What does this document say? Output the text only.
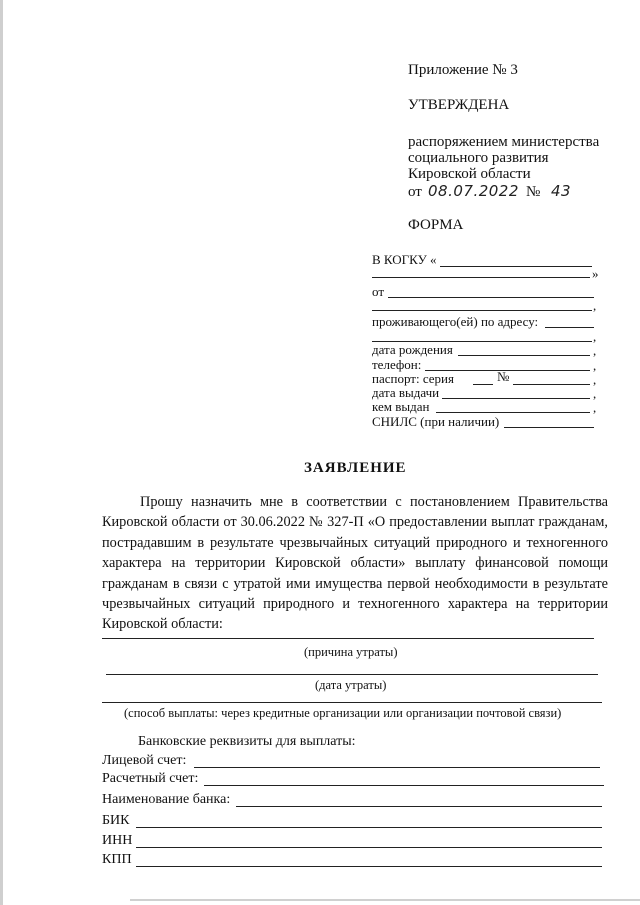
Приложение № 3
УТВЕРЖДЕНА
распоряжением министерства
социального развития
Кировской области
от 08.07.2022 № 43
ФОРМА
В КОГКУ «
»
от
,
проживающего(ей) по адресу:
,
дата рождения	,
телефон:	,
паспорт: серия	№	,
дата выдачи	,
кем выдан	,
СНИЛС (при наличии)
ЗАЯВЛЕНИЕ
Прошу назначить мне в соответствии с постановлением Правительства Кировской области от 30.06.2022 № 327-П «О предоставлении выплат гражданам, пострадавшим в результате чрезвычайных ситуаций природного и техногенного характера на территории Кировской области» выплату финансовой помощи гражданам в связи с утратой ими имущества первой необходимости в результате чрезвычайных ситуаций природного и техногенного характера на территории Кировской области:
(причина утраты)
(дата утраты)
(способ выплаты: через кредитные организации или организации почтовой связи)
Банковские реквизиты для выплаты:
Лицевой счет:
Расчетный счет:
Наименование банка:
БИК
ИНН
КПП
